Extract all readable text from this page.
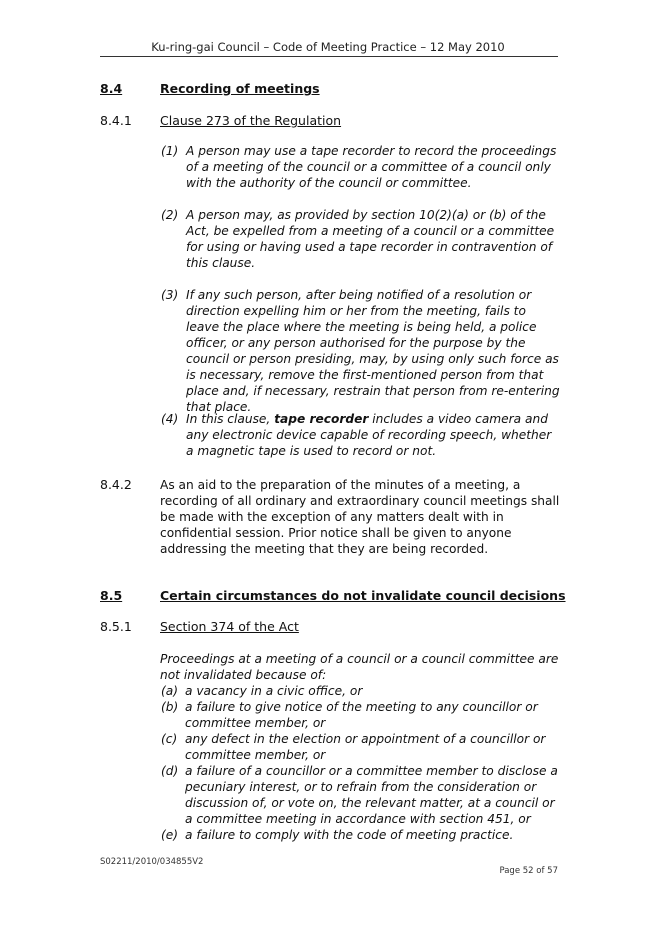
Ku-ring-gai Council – Code of Meeting Practice – 12 May 2010
8.4	Recording of meetings
8.4.1 Clause 273 of the Regulation
(1) A person may use a tape recorder to record the proceedings of a meeting of the council or a committee of a council only with the authority of the council or committee.
(2) A person may, as provided by section 10(2)(a) or (b) of the Act, be expelled from a meeting of a council or a committee for using or having used a tape recorder in contravention of this clause.
(3) If any such person, after being notified of a resolution or direction expelling him or her from the meeting, fails to leave the place where the meeting is being held, a police officer, or any person authorised for the purpose by the council or person presiding, may, by using only such force as is necessary, remove the first-mentioned person from that place and, if necessary, restrain that person from re-entering that place.
(4) In this clause, tape recorder includes a video camera and any electronic device capable of recording speech, whether a magnetic tape is used to record or not.
8.4.2 As an aid to the preparation of the minutes of a meeting, a recording of all ordinary and extraordinary council meetings shall be made with the exception of any matters dealt with in confidential session. Prior notice shall be given to anyone addressing the meeting that they are being recorded.
8.5	Certain circumstances do not invalidate council decisions
8.5.1 Section 374 of the Act
Proceedings at a meeting of a council or a council committee are not invalidated because of:
(a) a vacancy in a civic office, or
(b) a failure to give notice of the meeting to any councillor or committee member, or
(c) any defect in the election or appointment of a councillor or committee member, or
(d) a failure of a councillor or a committee member to disclose a pecuniary interest, or to refrain from the consideration or discussion of, or vote on, the relevant matter, at a council or a committee meeting in accordance with section 451, or
(e) a failure to comply with the code of meeting practice.
S02211/2010/034855V2
Page 52 of 57
